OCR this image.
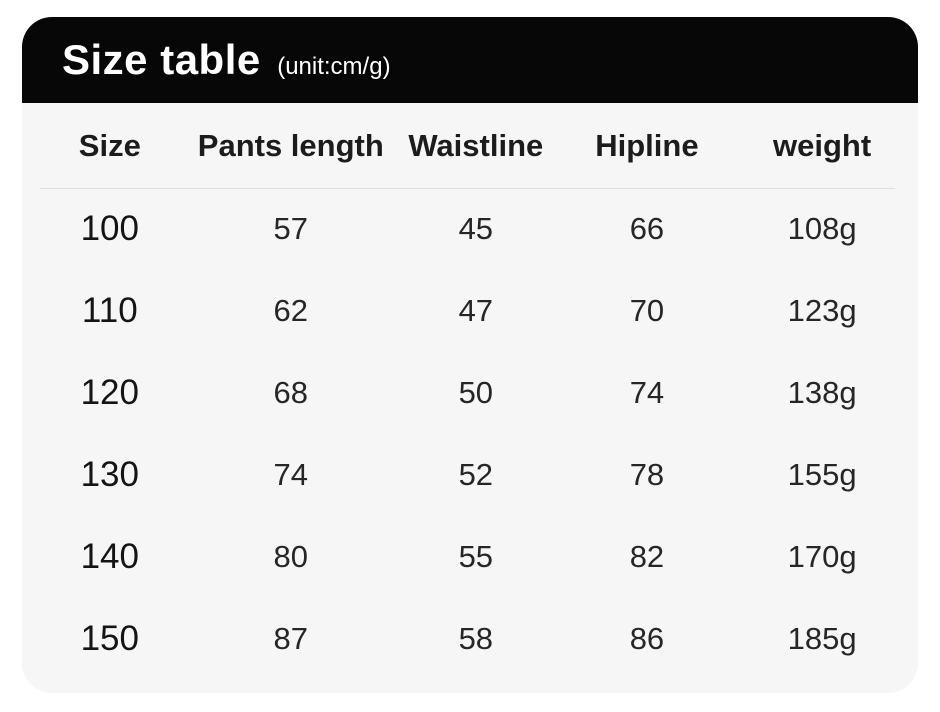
Size table (unit:cm/g)
Size	Pants length	Waistline	Hipline	weight
100	57	45	66	108g
110	62	47	70	123g
120	68	50	74	138g
130	74	52	78	155g
140	80	55	82	170g
150	87	58	86	185g
